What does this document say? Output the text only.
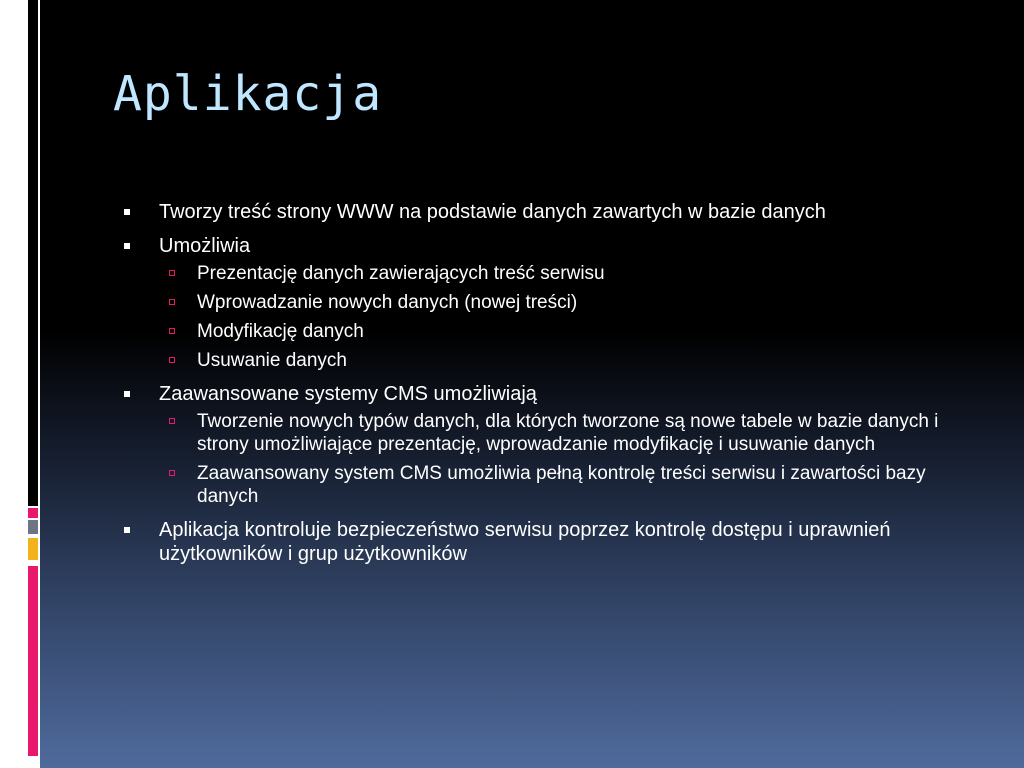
Aplikacja
Tworzy treść strony WWW na podstawie danych zawartych w bazie danych
Umożliwia
Prezentację danych zawierających treść serwisu
Wprowadzanie nowych danych (nowej treści)
Modyfikację danych
Usuwanie danych
Zaawansowane systemy CMS umożliwiają
Tworzenie nowych typów danych, dla których tworzone są nowe tabele w bazie danych i strony umożliwiające prezentację, wprowadzanie modyfikację i usuwanie danych
Zaawansowany system CMS umożliwia pełną kontrolę treści serwisu i zawartości bazy danych
Aplikacja kontroluje bezpieczeństwo serwisu poprzez kontrolę dostępu i uprawnień użytkowników i grup użytkowników
